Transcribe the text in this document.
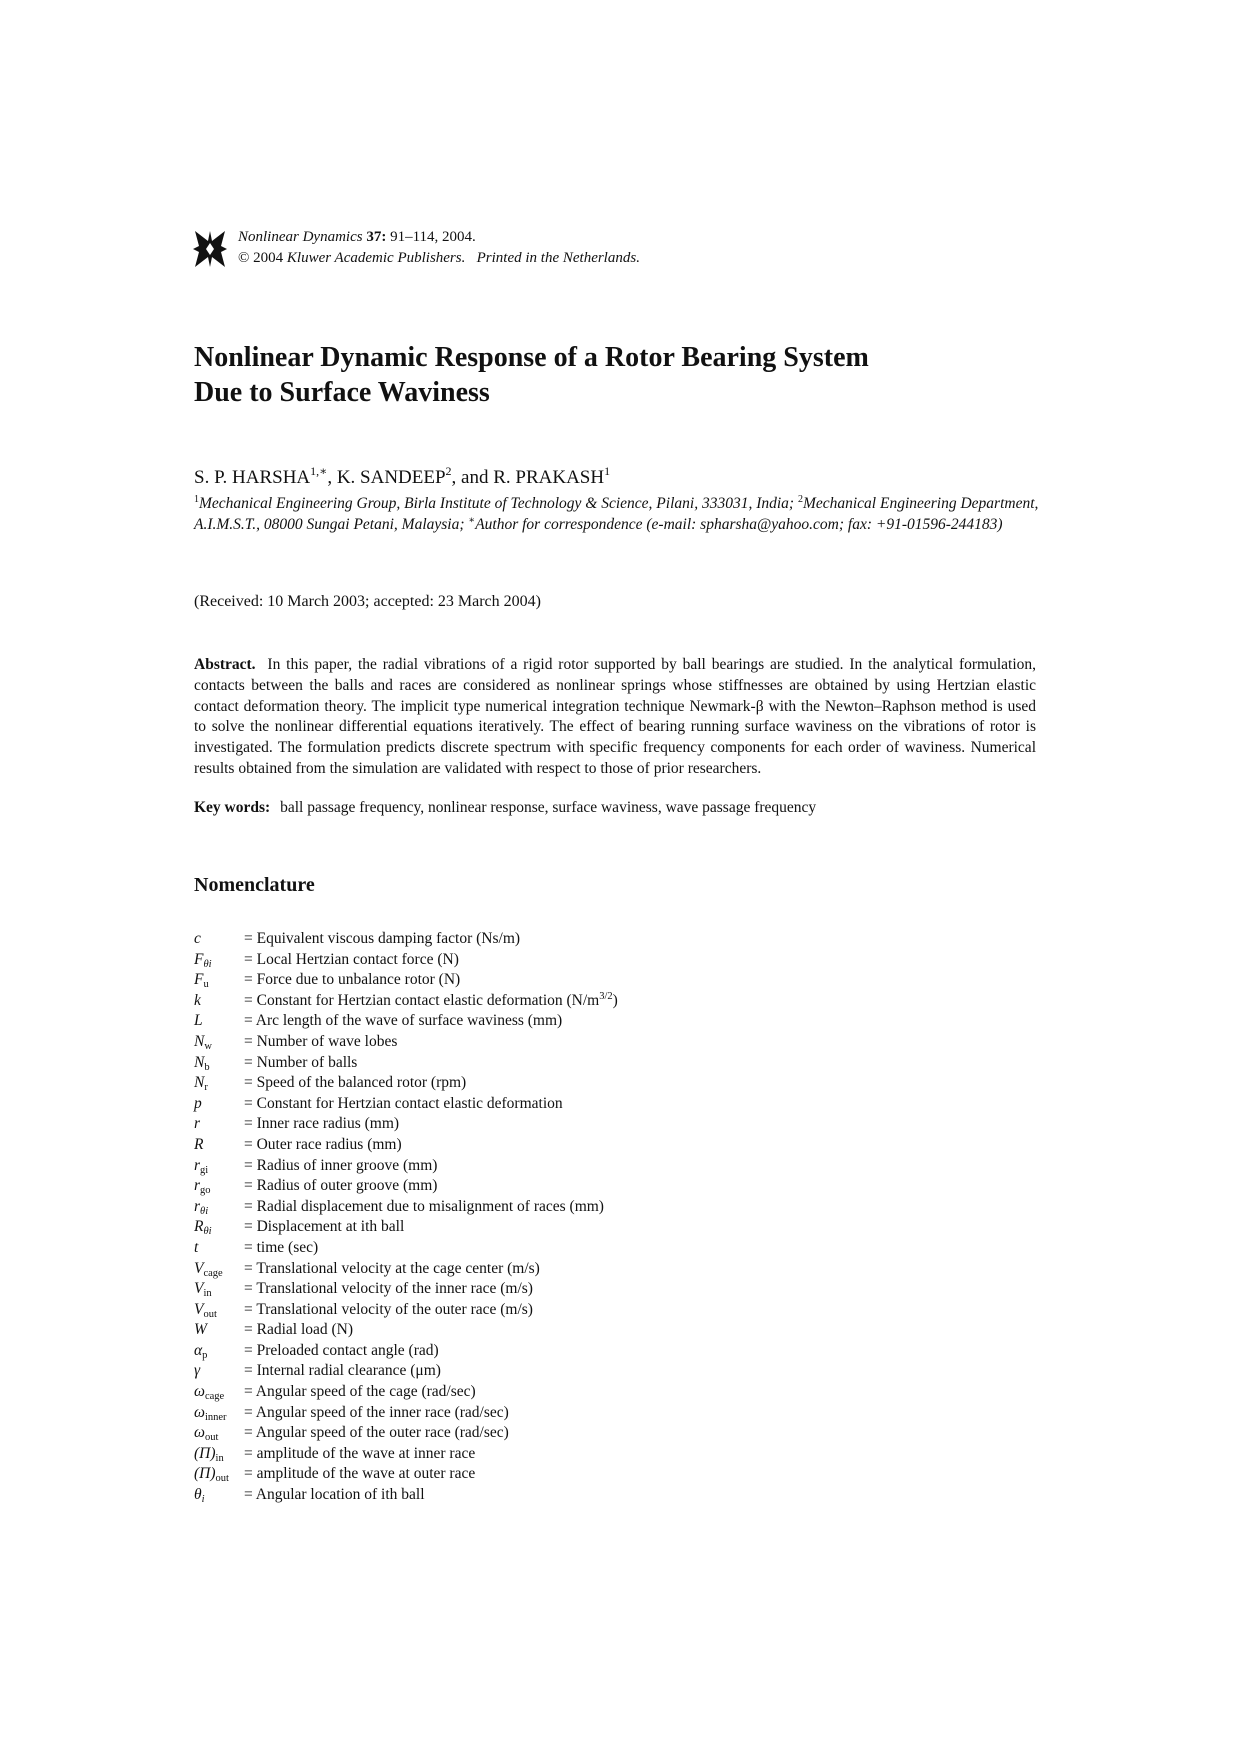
Nonlinear Dynamics 37: 91–114, 2004.
© 2004 Kluwer Academic Publishers. Printed in the Netherlands.
Nonlinear Dynamic Response of a Rotor Bearing System
Due to Surface Waviness
S. P. $HARSHA^{1,∗}$, K. SANDEEP$^2$, and R. PRAKASH$^1$
$^1$Mechanical Engineering Group, Birla Institute of Technology & Science, Pilani, 333031, India; $^2$Mechanical Engineering Department, A.I.M.S.T., 08000 Sungai Petani, Malaysia; ∗Author for correspondence (e-mail: spharsha@yahoo.com; fax: +91-01596-244183)
(Received: 10 March 2003; accepted: 23 March 2004)
Abstract. In this paper, the radial vibrations of a rigid rotor supported by ball bearings are studied. In the analytical formulation, contacts between the balls and races are considered as nonlinear springs whose stiffnesses are obtained by using Hertzian elastic contact deformation theory. The implicit type numerical integration technique Newmark-β with the Newton–Raphson method is used to solve the nonlinear differential equations iteratively. The effect of bearing running surface waviness on the vibrations of rotor is investigated. The formulation predicts discrete spectrum with specific frequency components for each order of waviness. Numerical results obtained from the simulation are validated with respect to those of prior researchers.
Key words: ball passage frequency, nonlinear response, surface waviness, wave passage frequency
Nomenclature
c	= Equivalent viscous damping factor (Ns/m)
$F_{\theta i}$	= Local Hertzian contact force (N)
$F_u$	= Force due to unbalance rotor (N)
k	= Constant for Hertzian contact elastic deformation $(N/m^{3/2})$
L	= Arc length of the wave of surface waviness (mm)
$N_w$	= Number of wave lobes
$N_b$	= Number of balls
$N_r$	= Speed of the balanced rotor (rpm)
p	= Constant for Hertzian contact elastic deformation
r	= Inner race radius (mm)
R	= Outer race radius (mm)
$r_{gi}$	= Radius of inner groove (mm)
$r_{go}$	= Radius of outer groove (mm)
$r_{\theta i}$	= Radial displacement due to misalignment of races (mm)
$R_{\theta i}$	= Displacement at ith ball
t	= time (sec)
$V_{cage}$	= Translational velocity at the cage center (m/s)
$V_{in}$	= Translational velocity of the inner race (m/s)
$V_{out}$	= Translational velocity of the outer race (m/s)
W	= Radial load (N)
$\alpha_p$	= Preloaded contact angle (rad)
γ	= Internal radial clearance (μm)
$\omega_{cage}$	= Angular speed of the cage (rad/sec)
$\omega_{inner}$	= Angular speed of the inner race (rad/sec)
$\omega_{out}$	= Angular speed of the outer race (rad/sec)
$(\Pi)_{in}$	= amplitude of the wave at inner race
$(\Pi)_{out}$ = amplitude of the wave at outer race
$\theta_i$	= Angular location of ith ball
